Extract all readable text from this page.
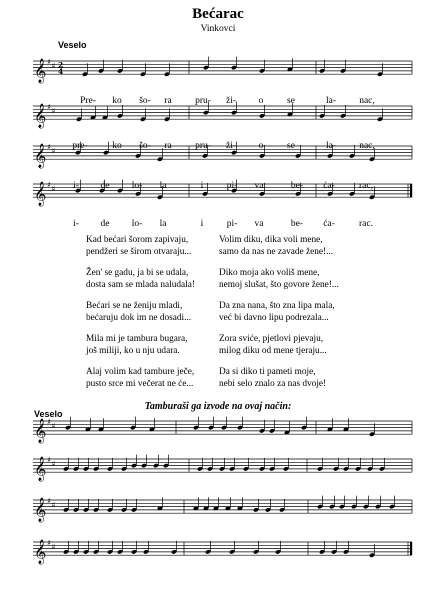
Bećarac
Vinkovci
Veselo
𝄞 ♯ ♯ 2
4
𝄞 ♯ ♯
𝄞 ♯ ♯
𝄞 ♯ ♯
𝄞 ♯ ♯
𝄞 ♯ ♯
𝄞 ♯ ♯
𝄞 ♯ ♯
Pre- ko šo- ra pru- ži- o se	la- nac,
pre-	ko šo- ra pru- ži- o se	la- nac,
i- de lo- la	i pi- va	be- ća-	rac,
i- de lo- la	i pi- va	be- ća-	rac.
Kad bećari šorom zapivaju,
pendžeri se širom otvaraju...
Žen' se gadu, ja bi se udala,
dosta sam se mlada naludala!
Bećari se ne ženiju mladi,
bećaruju dok im ne dosadi...
Mila mi je tambura bugara,
još miliji, ko u nju udara.
Alaj volim kad tambure ječe,
pusto srce mi večerat ne će...
Volim diku, dika voli mene,
samo da nas ne zavade žene!...
Diko moja ako voliš mene,
nemoj slušat, što govore žene!...
Da zna nana, što zna lipa mala,
već bi davno lipu podrezala...
Zora sviće, pjetlovi pjevaju,
milog diku od mene tjeraju...
Da si diko ti pameti moje,
nebi selo znalo za nas dvoje!
Tamburaši ga izvode na ovaj način:
Veselo
